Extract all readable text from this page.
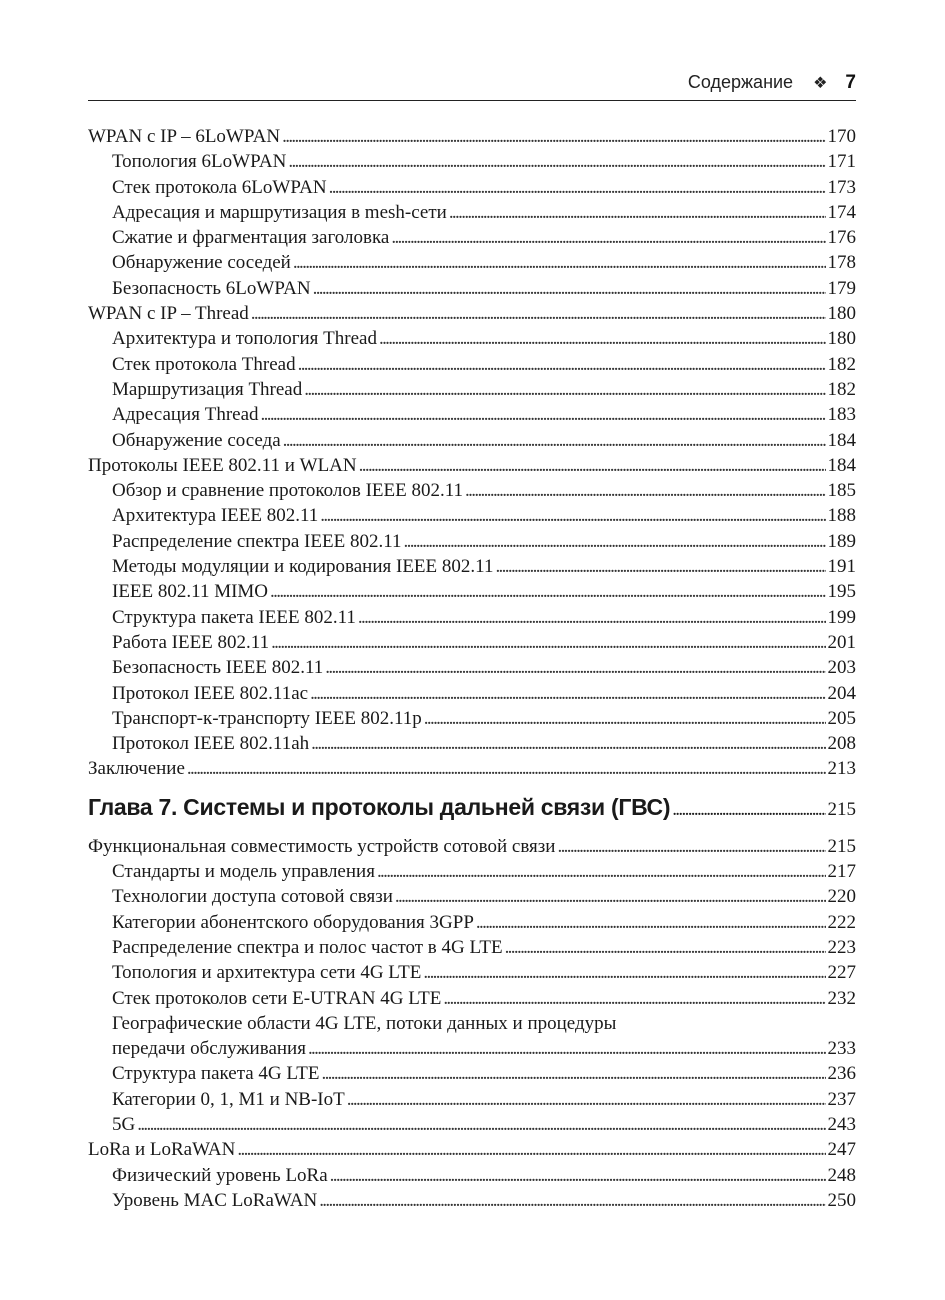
Содержание ❖ 7
WPAN с IP – 6LoWPAN . . .	170
Топология 6LoWPAN . . .	171
Стек протокола 6LoWPAN . . .	173
Адресация и маршрутизация в mesh-сети . . .	174
Сжатие и фрагментация заголовка . . .	176
Обнаружение соседей . . .	178
Безопасность 6LoWPAN . . .	179
WPAN с IP – Thread . . .	180
Архитектура и топология Thread . . .	180
Стек протокола Thread . . .	182
Маршрутизация Thread . . .	182
Адресация Thread . . .	183
Обнаружение соседа . . .	184
Протоколы IEEE 802.11 и WLAN . . .	184
Обзор и сравнение протоколов IEEE 802.11 . . .	185
Архитектура IEEE 802.11 . . .	188
Распределение спектра IEEE 802.11 . . .	189
Методы модуляции и кодирования IEEE 802.11 . . .	191
IEEE 802.11 MIMO . . .	195
Структура пакета IEEE 802.11 . . .	199
Работа IEEE 802.11 . . .	201
Безопасность IEEE 802.11 . . .	203
Протокол IEEE 802.11ac . . .	204
Транспорт-к-транспорту IEEE 802.11p . . .	205
Протокол IEEE 802.11ah . . .	208
Заключение . . .	213
Глава 7. Системы и протоколы дальней связи (ГВС) . . .	215
Функциональная совместимость устройств сотовой связи . . .	215
Стандарты и модель управления . . .	217
Технологии доступа сотовой связи . . .	220
Категории абонентского оборудования 3GPP . . .	222
Распределение спектра и полос частот в 4G LTE . . .	223
Топология и архитектура сети 4G LTE . . .	227
Стек протоколов сети E-UTRAN 4G LTE . . .	232
Географические области 4G LTE, потоки данных и процедуры
передачи обслуживания . . .	233
Структура пакета 4G LTE . . .	236
Категории 0, 1, M1 и NB-IoT . . .	237
5G . . .	243
LoRa и LoRaWAN . . .	247
Физический уровень LoRa . . .	248
Уровень MAC LoRaWAN . . .	250
